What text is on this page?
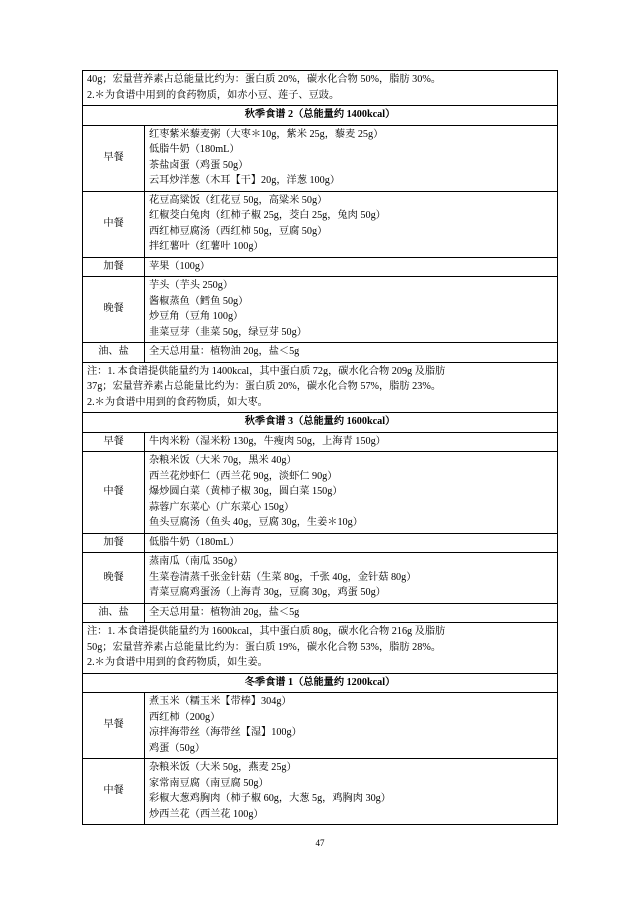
40g；宏量营养素占总能量比约为：蛋白质 20%，碳水化合物 50%，脂肪 30%。

2.＊为食谱中用到的食药物质，如赤小豆、莲子、豆豉。	

秋季食谱 2（总能量约 1400kcal）	
早餐	红枣紫米藜麦粥（大枣＊10g，紫米 25g，藜麦 25g）

低脂牛奶（180mL）

茶盐卤蛋（鸡蛋 50g）

云耳炒洋葱（木耳【干】20g，洋葱 100g）

中餐	花豆高粱饭（红花豆 50g，高粱米 50g）

红椒茭白兔肉（红柿子椒 25g，茭白 25g，兔肉 50g）

西红柿豆腐汤（西红柿 50g，豆腐 50g）

拌红薯叶（红薯叶 100g）

加餐	苹果（100g）

晚餐	芋头（芋头 250g）

酱椒蒸鱼（鳕鱼 50g）

炒豆角（豆角 100g）

韭菜豆芽（韭菜 50g，绿豆芽 50g）

油、盐	全天总用量：植物油 20g，盐＜5g

注：1. 本食谱提供能量约为 1400kcal，其中蛋白质 72g，碳水化合物 209g 及脂肪

37g；宏量营养素占总能量比约为：蛋白质 20%，碳水化合物 57%，脂肪 23%。

2.＊为食谱中用到的食药物质，如大枣。	

秋季食谱 3（总能量约 1600kcal）	
早餐	牛肉米粉（湿米粉 130g，牛瘦肉 50g，上海青 150g）

中餐	杂粮米饭（大米 70g，黑米 40g）

西兰花炒虾仁（西兰花 90g，淡虾仁 90g）

爆炒圆白菜（黄柿子椒 30g，圆白菜 150g）

蒜蓉广东菜心（广东菜心 150g）

鱼头豆腐汤（鱼头 40g，豆腐 30g，生姜＊10g）

加餐	低脂牛奶（180mL）

晚餐	蒸南瓜（南瓜 350g）

生菜卷清蒸千张金针菇（生菜 80g，千张 40g，金针菇 80g）

青菜豆腐鸡蛋汤（上海青 30g，豆腐 30g，鸡蛋 50g）

油、盐	全天总用量：植物油 20g，盐＜5g

注：1. 本食谱提供能量约为 1600kcal，其中蛋白质 80g，碳水化合物 216g 及脂肪

50g；宏量营养素占总能量比约为：蛋白质 19%，碳水化合物 53%，脂肪 28%。

2.＊为食谱中用到的食药物质，如生姜。	

冬季食谱 1（总能量约 1200kcal）	
早餐	煮玉米（糯玉米【带棒】304g）

西红柿（200g）

凉拌海带丝（海带丝【湿】100g）

鸡蛋（50g）

中餐	杂粮米饭（大米 50g，燕麦 25g）

家常南豆腐（南豆腐 50g）

彩椒大葱鸡胸肉（柿子椒 60g，大葱 5g，鸡胸肉 30g）

炒西兰花（西兰花 100g）

47
